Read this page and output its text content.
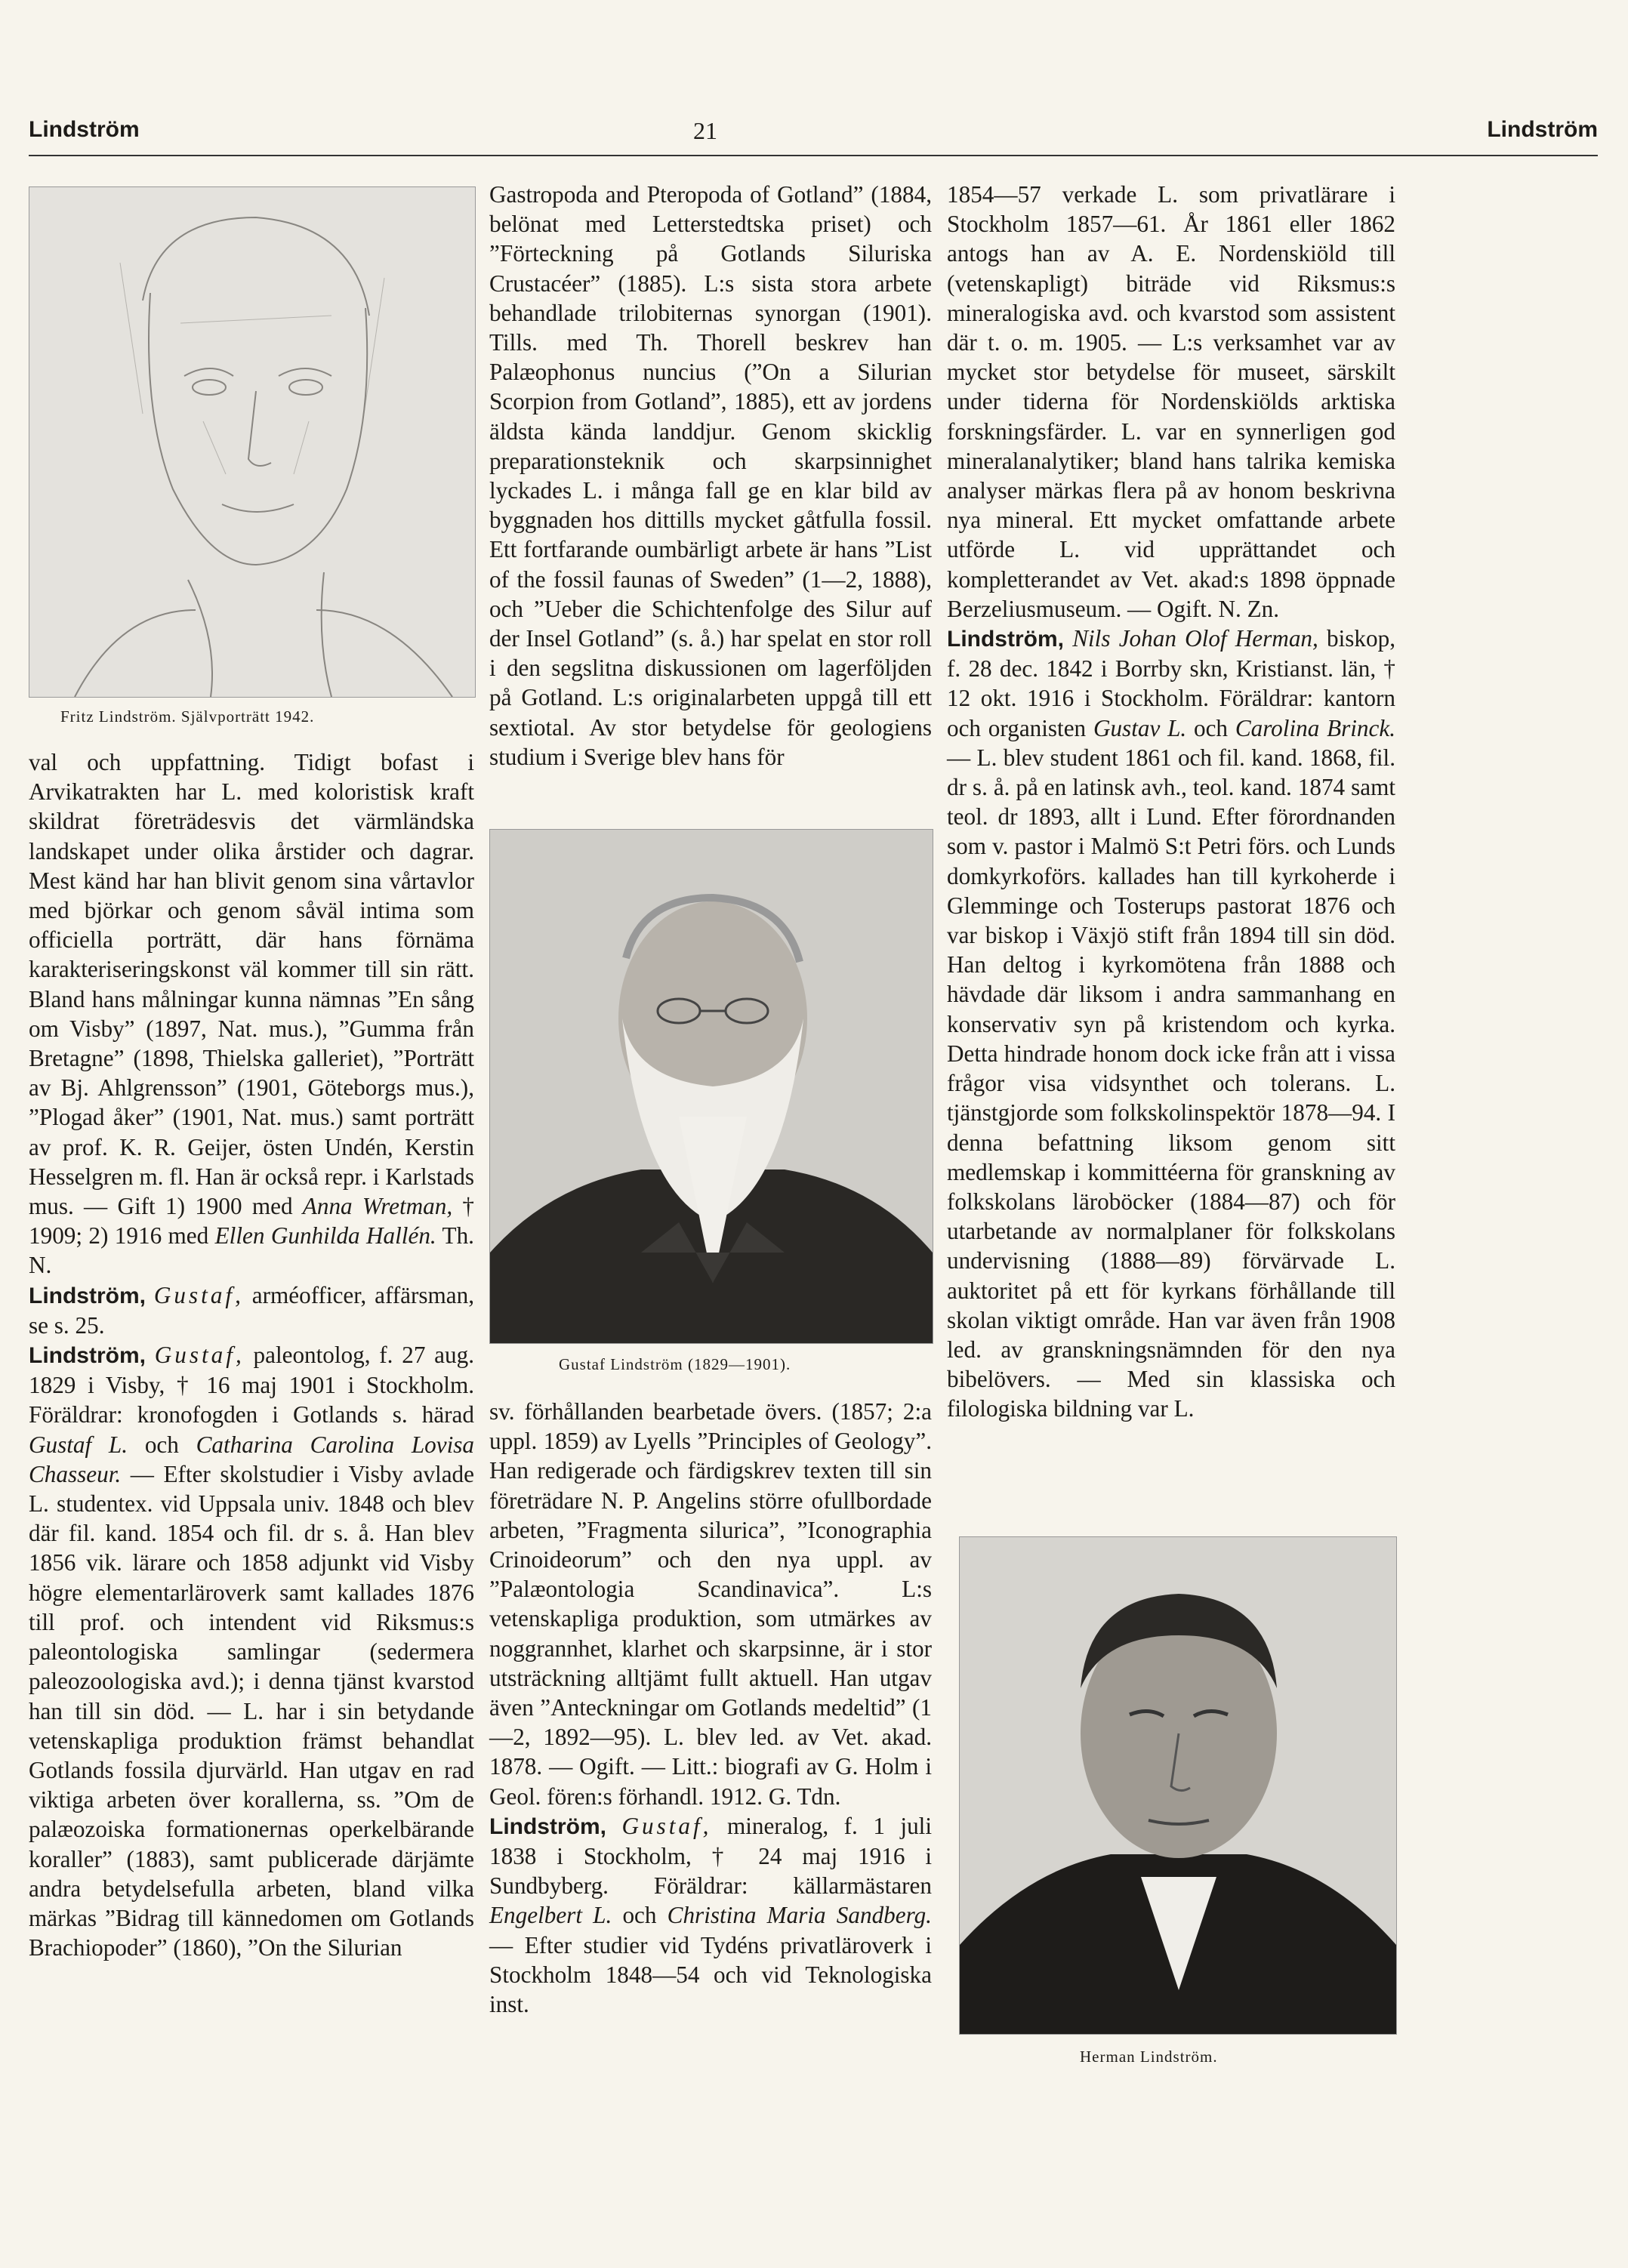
Lindström	21	Lindström
Fritz Lindström. Självporträtt 1942.

val och uppfattning. Tidigt bofast i Arvikatrakten har L. med koloristisk kraft skildrat företrädesvis det värmländska landskapet under olika årstider och dagrar. Mest känd har han blivit genom sina vårtavlor med björkar och genom såväl intima som officiella porträtt, där hans förnäma karakteriseringskonst väl kommer till sin rätt. Bland hans målningar kunna nämnas ”En sång om Visby” (1897, Nat. mus.), ”Gumma från Bretagne” (1898, Thielska galleriet), ”Porträtt av Bj. Ahlgrensson” (1901, Göteborgs mus.), ”Plogad åker” (1901, Nat. mus.) samt porträtt av prof. K. R. Geijer, östen Undén, Kerstin Hesselgren m. fl. Han är också repr. i Karlstads mus. — Gift 1) 1900 med Anna Wretman, † 1909; 2) 1916 med Ellen Gunhilda Hallén. Th. N.

Lindström, Gustaf, arméofficer, affärsman, se s. 25.

Lindström, Gustaf, paleontolog, f. 27 aug. 1829 i Visby, † 16 maj 1901 i Stockholm. Föräldrar: kronofogden i Gotlands s. härad Gustaf L. och Catharina Carolina Lovisa Chasseur. — Efter skolstudier i Visby avlade L. studentex. vid Uppsala univ. 1848 och blev där fil. kand. 1854 och fil. dr s. å. Han blev 1856 vik. lärare och 1858 adjunkt vid Visby högre elementarläroverk samt kallades 1876 till prof. och intendent vid Riksmus:s paleontologiska samlingar (sedermera paleozoologiska avd.); i denna tjänst kvarstod han till sin död. — L. har i sin betydande vetenskapliga produktion främst behandlat Gotlands fossila djurvärld. Han utgav en rad viktiga arbeten över korallerna, ss. ”Om de palæozoiska formationernas operkelbärande koraller” (1883), samt publicerade därjämte andra betydelsefulla arbeten, bland vilka märkas ”Bidrag till kännedomen om Gotlands Brachiopoder” (1860), ”On the Silurian

Gastropoda and Pteropoda of Gotland” (1884, belönat med Letterstedtska priset) och ”Förteckning på Gotlands Siluriska Crustacéer” (1885). L:s sista stora arbete behandlade trilobiternas synorgan (1901). Tills. med Th. Thorell beskrev han Palæophonus nuncius (”On a Silurian Scorpion from Gotland”, 1885), ett av jordens äldsta kända landdjur. Genom skicklig preparationsteknik och skarpsinnighet lyckades L. i många fall ge en klar bild av byggnaden hos dittills mycket gåtfulla fossil. Ett fortfarande oumbärligt arbete är hans ”List of the fossil faunas of Sweden” (1—2, 1888), och ”Ueber die Schichtenfolge des Silur auf der Insel Gotland” (s. å.) har spelat en stor roll i den segslitna diskussionen om lagerföljden på Gotland. L:s originalarbeten uppgå till ett sextiotal. Av stor betydelse för geologiens studium i Sverige blev hans för

Gustaf Lindström (1829—1901).

sv. förhållanden bearbetade övers. (1857; 2:a uppl. 1859) av Lyells ”Principles of Geology”. Han redigerade och färdigskrev texten till sin företrädare N. P. Angelins större ofullbordade arbeten, ”Fragmenta silurica”, ”Iconographia Crinoideorum” och den nya uppl. av ”Palæontologia Scandinavica”. L:s vetenskapliga produktion, som utmärkes av noggrannhet, klarhet och skarpsinne, är i stor utsträckning alltjämt fullt aktuell. Han utgav även ”Anteckningar om Gotlands medeltid” (1—2, 1892—95). L. blev led. av Vet. akad. 1878. — Ogift. — Litt.: biografi av G. Holm i Geol. fören:s förhandl. 1912. G. Tdn.

Lindström, Gustaf, mineralog, f. 1 juli 1838 i Stockholm, † 24 maj 1916 i Sundbyberg. Föräldrar: källarmästaren Engelbert L. och Christina Maria Sandberg. — Efter studier vid Tydéns privatläroverk i Stockholm 1848—54 och vid Teknologiska inst.

1854—57 verkade L. som privatlärare i Stockholm 1857—61. År 1861 eller 1862 antogs han av A. E. Nordenskiöld till (vetenskapligt) biträde vid Riksmus:s mineralogiska avd. och kvarstod som assistent där t. o. m. 1905. — L:s verksamhet var av mycket stor betydelse för museet, särskilt under tiderna för Nordenskiölds arktiska forskningsfärder. L. var en synnerligen god mineralanalytiker; bland hans talrika kemiska analyser märkas flera på av honom beskrivna nya mineral. Ett mycket omfattande arbete utförde L. vid upprättandet och kompletterandet av Vet. akad:s 1898 öppnade Berzeliusmuseum. — Ogift. N. Zn.

Lindström, Nils Johan Olof Herman, biskop, f. 28 dec. 1842 i Borrby skn, Kristianst. län, † 12 okt. 1916 i Stockholm. Föräldrar: kantorn och organisten Gustav L. och Carolina Brinck. — L. blev student 1861 och fil. kand. 1868, fil. dr s. å. på en latinsk avh., teol. kand. 1874 samt teol. dr 1893, allt i Lund. Efter förordnanden som v. pastor i Malmö S:t Petri förs. och Lunds domkyrkoförs. kallades han till kyrkoherde i Glemminge och Tosterups pastorat 1876 och var biskop i Växjö stift från 1894 till sin död. Han deltog i kyrkomötena från 1888 och hävdade där liksom i andra sammanhang en konservativ syn på kristendom och kyrka. Detta hindrade honom dock icke från att i vissa frågor visa vidsynthet och tolerans. L. tjänstgjorde som folkskolinspektör 1878—94. I denna befattning liksom genom sitt medlemskap i kommittéerna för granskning av folkskolans läroböcker (1884—87) och för utarbetande av normalplaner för folkskolans undervisning (1888—89) förvärvade L. auktoritet på ett för kyrkans förhållande till skolan viktigt område. Han var även från 1908 led. av granskningsnämnden för den nya bibelövers. — Med sin klassiska och filologiska bildning var L.

Herman Lindström.
